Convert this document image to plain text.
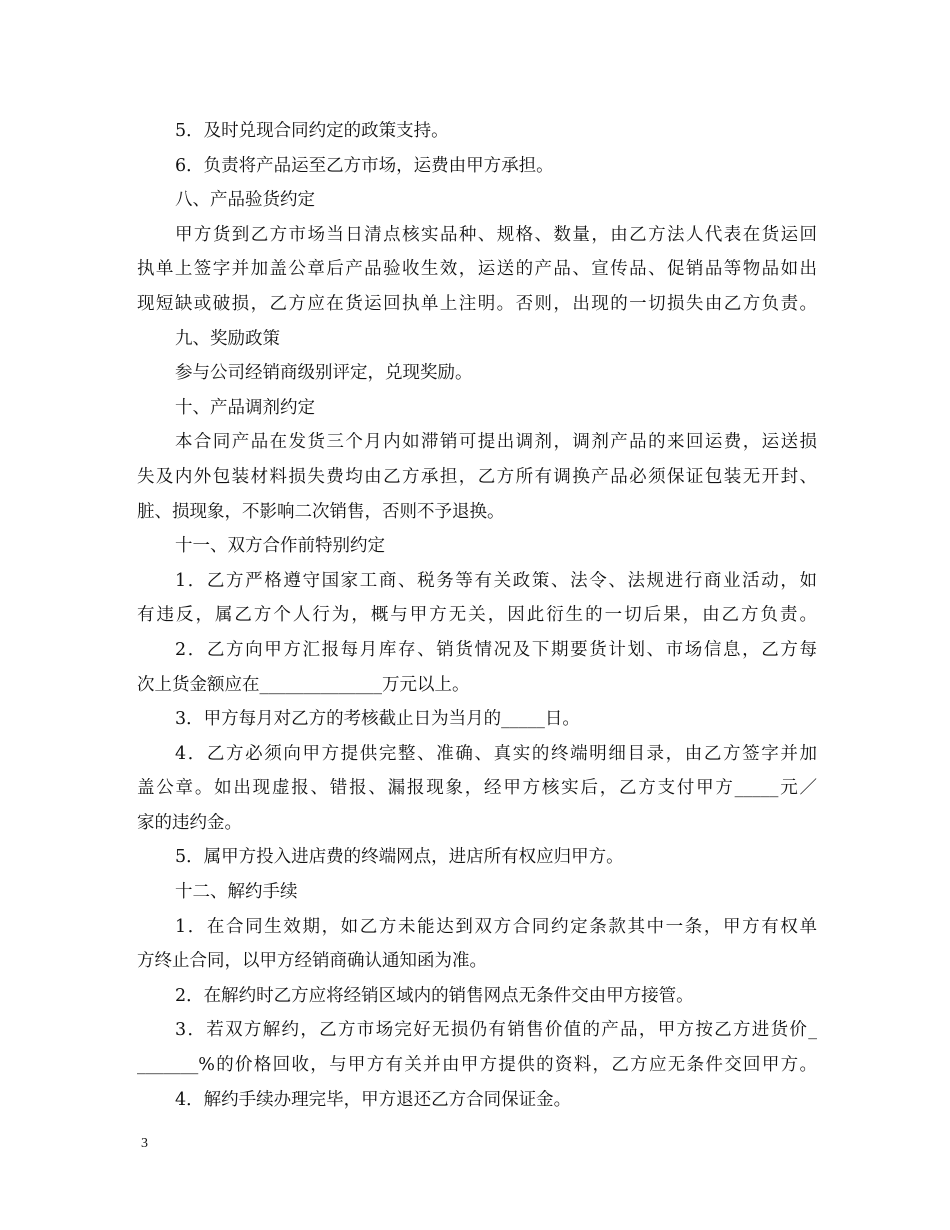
5．及时兑现合同约定的政策支持。
6．负责将产品运至乙方市场，运费由甲方承担。
八、产品验货约定
甲方货到乙方市场当日清点核实品种、规格、数量，由乙方法人代表在货运回
执单上签字并加盖公章后产品验收生效，运送的产品、宣传品、促销品等物品如出
现短缺或破损，乙方应在货运回执单上注明。否则，出现的一切损失由乙方负责。
九、奖励政策
参与公司经销商级别评定，兑现奖励。
十、产品调剂约定
本合同产品在发货三个月内如滞销可提出调剂，调剂产品的来回运费，运送损
失及内外包装材料损失费均由乙方承担，乙方所有调换产品必须保证包装无开封、
脏、损现象，不影响二次销售，否则不予退换。
十一、双方合作前特别约定
1．乙方严格遵守国家工商、税务等有关政策、法令、法规进行商业活动，如
有违反，属乙方个人行为，概与甲方无关，因此衍生的一切后果，由乙方负责。
2．乙方向甲方汇报每月库存、销货情况及下期要货计划、市场信息，乙方每
次上货金额应在______________万元以上。
3．甲方每月对乙方的考核截止日为当月的_____日。
4．乙方必须向甲方提供完整、准确、真实的终端明细目录，由乙方签字并加
盖公章。如出现虚报、错报、漏报现象，经甲方核实后，乙方支付甲方_____元／
家的违约金。
5．属甲方投入进店费的终端网点，进店所有权应归甲方。
十二、解约手续
1．在合同生效期，如乙方未能达到双方合同约定条款其中一条，甲方有权单
方终止合同，以甲方经销商确认通知函为准。
2．在解约时乙方应将经销区域内的销售网点无条件交由甲方接管。
3．若双方解约，乙方市场完好无损仍有销售价值的产品，甲方按乙方进货价_
_______%的价格回收，与甲方有关并由甲方提供的资料，乙方应无条件交回甲方。
4．解约手续办理完毕，甲方退还乙方合同保证金。
3
